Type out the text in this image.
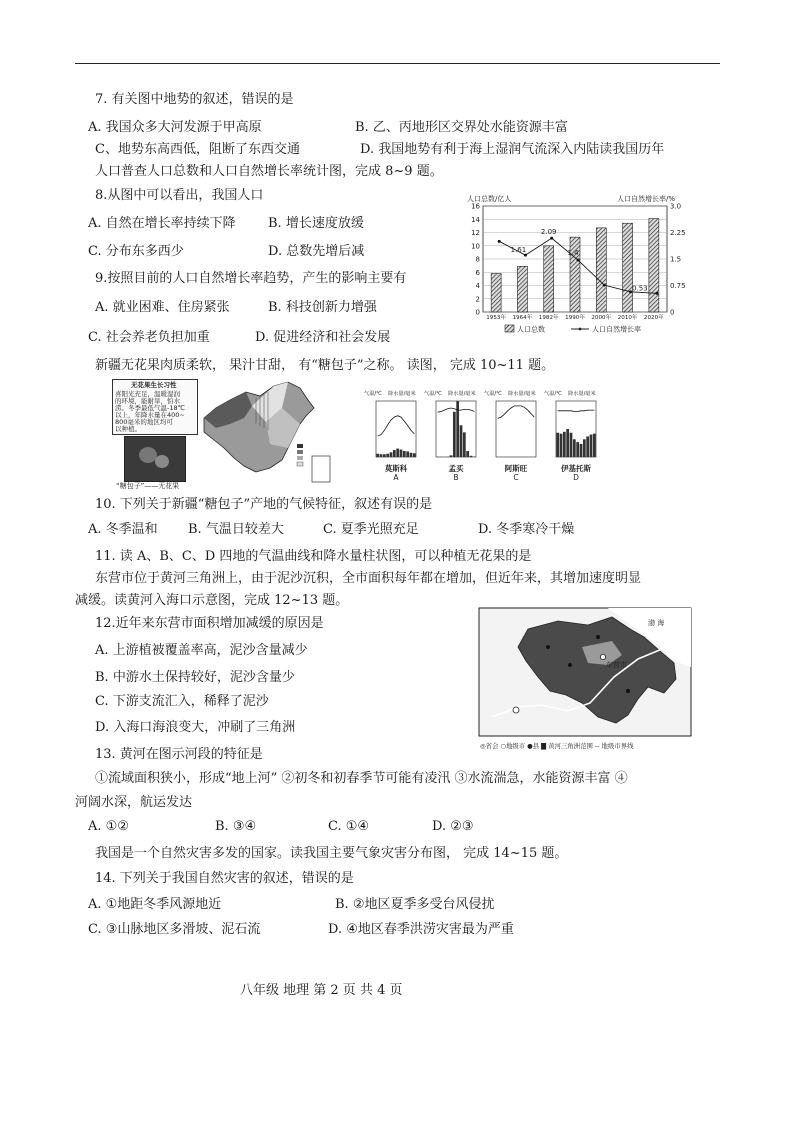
7. 有关图中地势的叙述，错误的是
A. 我国众多大河发源于甲高原	B. 乙、丙地形区交界处水能资源丰富
C、地势东高西低，阻断了东西交通	D. 我国地势有利于海上湿润气流深入内陆读我国历年
人口普查人口总数和人口自然增长率统计图，完成 8~9 题。
8.从图中可以看出，我国人口
A. 自然在增长率持续下降 B. 增长速度放缓
C. 分布东多西少	D. 总数先增后减
9.按照目前的人口自然增长率趋势，产生的影响主要有
A. 就业困难、住房紧张	B. 科技创新力增强
C. 社会养老负担加重	D. 促进经济和社会发展
人口总数/亿人	人口自然增长率/%
0
2
4
6
8
10
12
14
16
0
0.75
1.5
2.25
3.0
1953年 1964年 1982年 1990年 2000年 2010年 2020年
1.61
2.09
1.4
0.53
人口总数	人口自然增长率
新疆无花果肉质柔软， 果汁甘甜， 有“糖包子”之称。 读图， 完成 10~11 题。
无花果生长习性
喜阳光充足，温暖湿润
的环境，能耐旱，怕水
涝。冬季最低气温-18℃
以上，年降水量在400~
800毫米的地区均可
以种植。
“糖包子”——无花果
气温/℃ 降水量/毫米
莫斯科
A
气温/℃ 降水量/毫米
孟买
B
气温/℃ 降水量/毫米
阿斯旺
C
气温/℃ 降水量/毫米
伊基托斯
D
10. 下列关于新疆“糖包子”产地的气候特征，叙述有误的是
A. 冬季温和 B. 气温日较差大	C. 夏季光照充足	D. 冬季寒冷干燥
11. 读 A、B、C、D 四地的气温曲线和降水量柱状图，可以种植无花果的是
东营市位于黄河三角洲上，由于泥沙沉积，全市面积每年都在增加，但近年来，其增加速度明显
减缓。读黄河入海口示意图，完成 12~13 题。
12.近年来东营市面积增加减缓的原因是
A. 上游植被覆盖率高，泥沙含量减少
B. 中游水土保持较好，泥沙含量少
C. 下游支流汇入，稀释了泥沙
D. 入海口海浪变大，冲刷了三角洲
渤 海
东营市
◎省会 ○地级市 ●县 ▇ 黄河三角洲范围 -- 地级市界线
13. 黄河在图示河段的特征是
①流域面积狭小，形成“地上河” ②初冬和初春季节可能有凌汛 ③水流湍急，水能资源丰富 ④
河阔水深，航运发达
A. ①②	B. ③④	C. ①④	D. ②③
我国是一个自然灾害多发的国家。读我国主要气象灾害分布图， 完成 14~15 题。
14. 下列关于我国自然灾害的叙述，错误的是
A. ①地距冬季风源地近	B. ②地区夏季多受台风侵扰
C. ③山脉地区多滑坡、泥石流	D. ④地区春季洪涝灾害最为严重
八年级 地理 第 2 页 共 4 页
